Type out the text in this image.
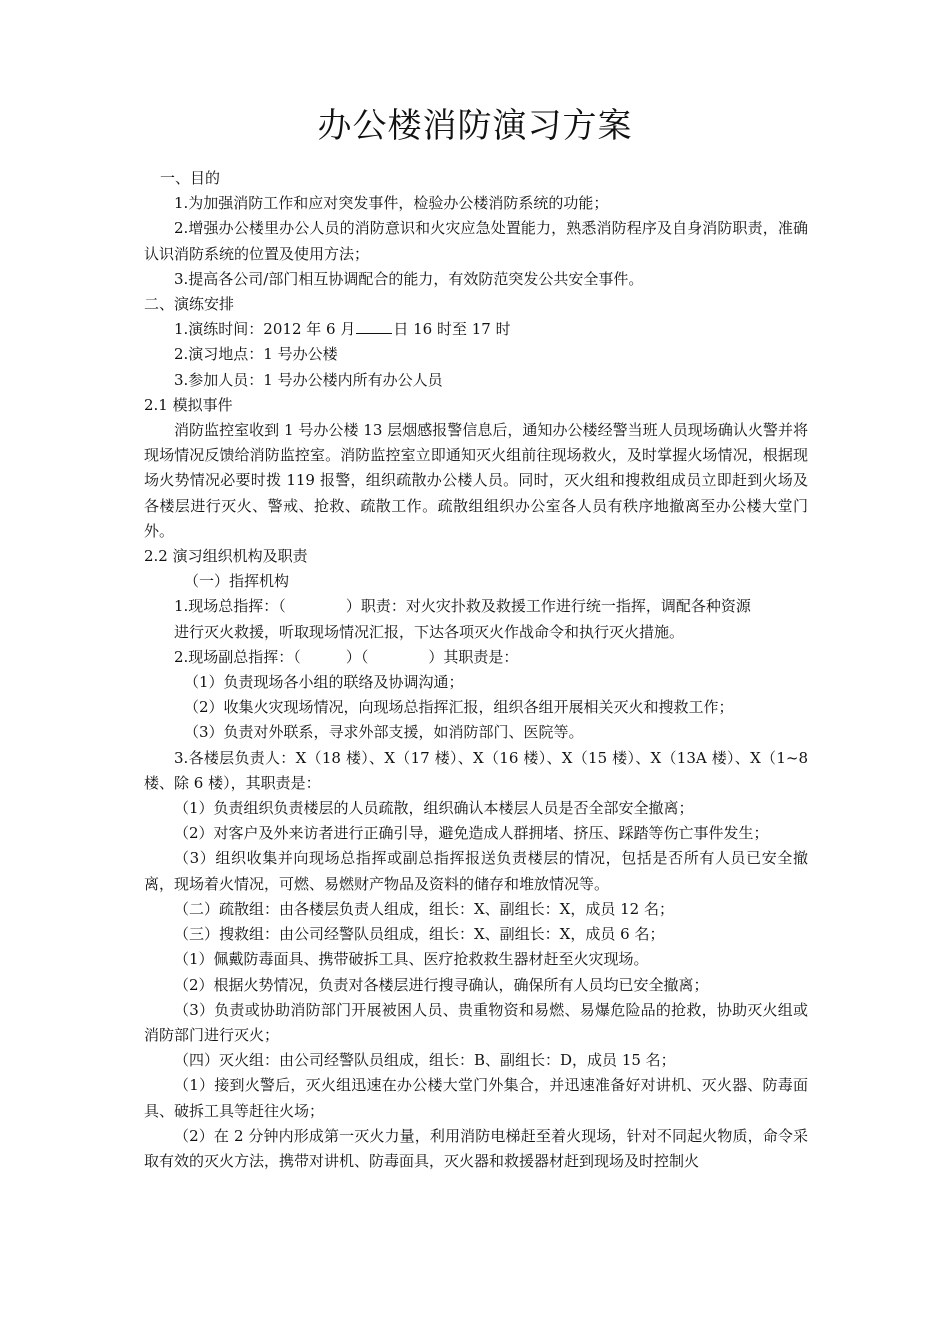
办公楼消防演习方案

一、目的

1.为加强消防工作和应对突发事件，检验办公楼消防系统的功能；

2.增强办公楼里办公人员的消防意识和火灾应急处置能力，熟悉消防程序及自身消防职责，准确认识消防系统的位置及使用方法；

3.提高各公司/部门相互协调配合的能力，有效防范突发公共安全事件。

二、演练安排

1.演练时间：2012 年 6 月	日 16 时至 17 时

2.演习地点：1 号办公楼

3.参加人员：1 号办公楼内所有办公人员

2.1 模拟事件

消防监控室收到 1 号办公楼 13 层烟感报警信息后，通知办公楼经警当班人员现场确认火警并将现场情况反馈给消防监控室。消防监控室立即通知灭火组前往现场救火，及时掌握火场情况，根据现场火势情况必要时拨 119 报警，组织疏散办公楼人员。同时，灭火组和搜救组成员立即赶到火场及各楼层进行灭火、警戒、抢救、疏散工作。疏散组组织办公室各人员有秩序地撤离至办公楼大堂门外。

2.2 演习组织机构及职责

（一）指挥机构

1.现场总指挥：（　　　　）职责：对火灾扑救及救援工作进行统一指挥，调配各种资源

进行灭火救援，听取现场情况汇报，下达各项灭火作战命令和执行灭火措施。

2.现场副总指挥：（　　　）（　　　　）其职责是：

（1）负责现场各小组的联络及协调沟通；

（2）收集火灾现场情况，向现场总指挥汇报，组织各组开展相关灭火和搜救工作；

（3）负责对外联系，寻求外部支援，如消防部门、医院等。

3.各楼层负责人：X（18 楼）、X（17 楼）、X（16 楼）、X（15 楼）、X（13A 楼）、X（1~8 楼、除 6 楼），其职责是：

（1）负责组织负责楼层的人员疏散，组织确认本楼层人员是否全部安全撤离；

（2）对客户及外来访者进行正确引导，避免造成人群拥堵、挤压、踩踏等伤亡事件发生；

（3）组织收集并向现场总指挥或副总指挥报送负责楼层的情况，包括是否所有人员已安全撤离，现场着火情况，可燃、易燃财产物品及资料的储存和堆放情况等。

（二）疏散组：由各楼层负责人组成，组长：X、副组长：X，成员 12 名；

（三）搜救组：由公司经警队员组成，组长：X、副组长：X，成员 6 名；

（1）佩戴防毒面具、携带破拆工具、医疗抢救救生器材赶至火灾现场。

（2）根据火势情况，负责对各楼层进行搜寻确认，确保所有人员均已安全撤离；

（3）负责或协助消防部门开展被困人员、贵重物资和易燃、易爆危险品的抢救，协助灭火组或消防部门进行灭火；

（四）灭火组：由公司经警队员组成，组长：B、副组长：D，成员 15 名；

（1）接到火警后，灭火组迅速在办公楼大堂门外集合，并迅速准备好对讲机、灭火器、防毒面具、破拆工具等赶往火场；

（2）在 2 分钟内形成第一灭火力量，利用消防电梯赶至着火现场，针对不同起火物质，命令采取有效的灭火方法，携带对讲机、防毒面具，灭火器和救援器材赶到现场及时控制火
